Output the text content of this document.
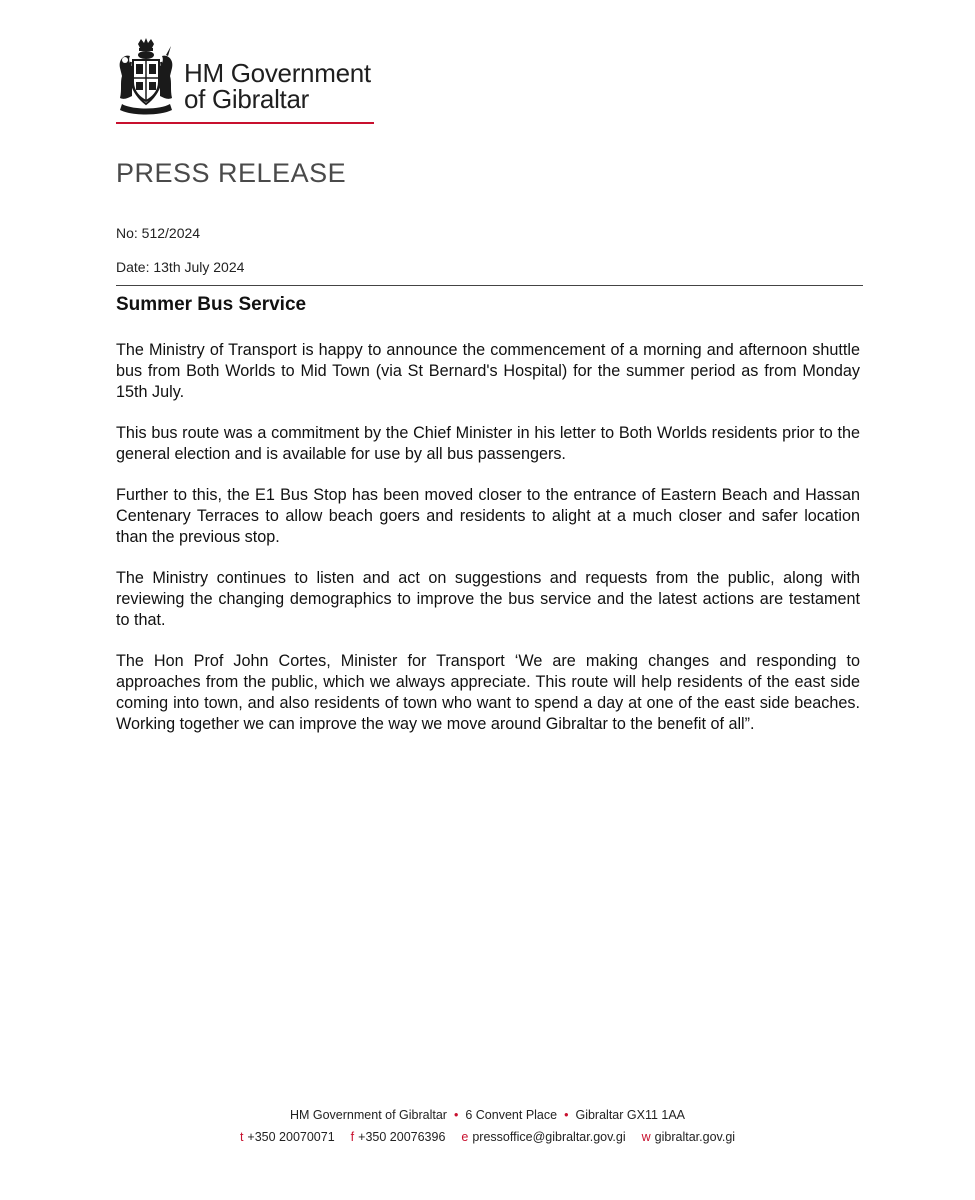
HM Government
of Gibraltar
PRESS RELEASE
No: 512/2024
Date: 13th July 2024
Summer Bus Service

The Ministry of Transport is happy to announce the commencement of a morning and afternoon shuttle bus from Both Worlds to Mid Town (via St Bernard's Hospital) for the summer period as from Monday 15th July.

This bus route was a commitment by the Chief Minister in his letter to Both Worlds residents prior to the general election and is available for use by all bus passengers.

Further to this, the E1 Bus Stop has been moved closer to the entrance of Eastern Beach and Hassan Centenary Terraces to allow beach goers and residents to alight at a much closer and safer location than the previous stop.

The Ministry continues to listen and act on suggestions and requests from the public, along with reviewing the changing demographics to improve the bus service and the latest actions are testament to that.

The Hon Prof John Cortes, Minister for Transport ‘We are making changes and responding to approaches from the public, which we always appreciate. This route will help residents of the east side coming into town, and also residents of town who want to spend a day at one of the east side beaches. Working together we can improve the way we move around Gibraltar to the benefit of all”.

HM Government of Gibraltar • 6 Convent Place • Gibraltar GX11 1AA
t +350 20070071 f +350 20076396 e pressoffice@gibraltar.gov.gi w gibraltar.gov.gi
